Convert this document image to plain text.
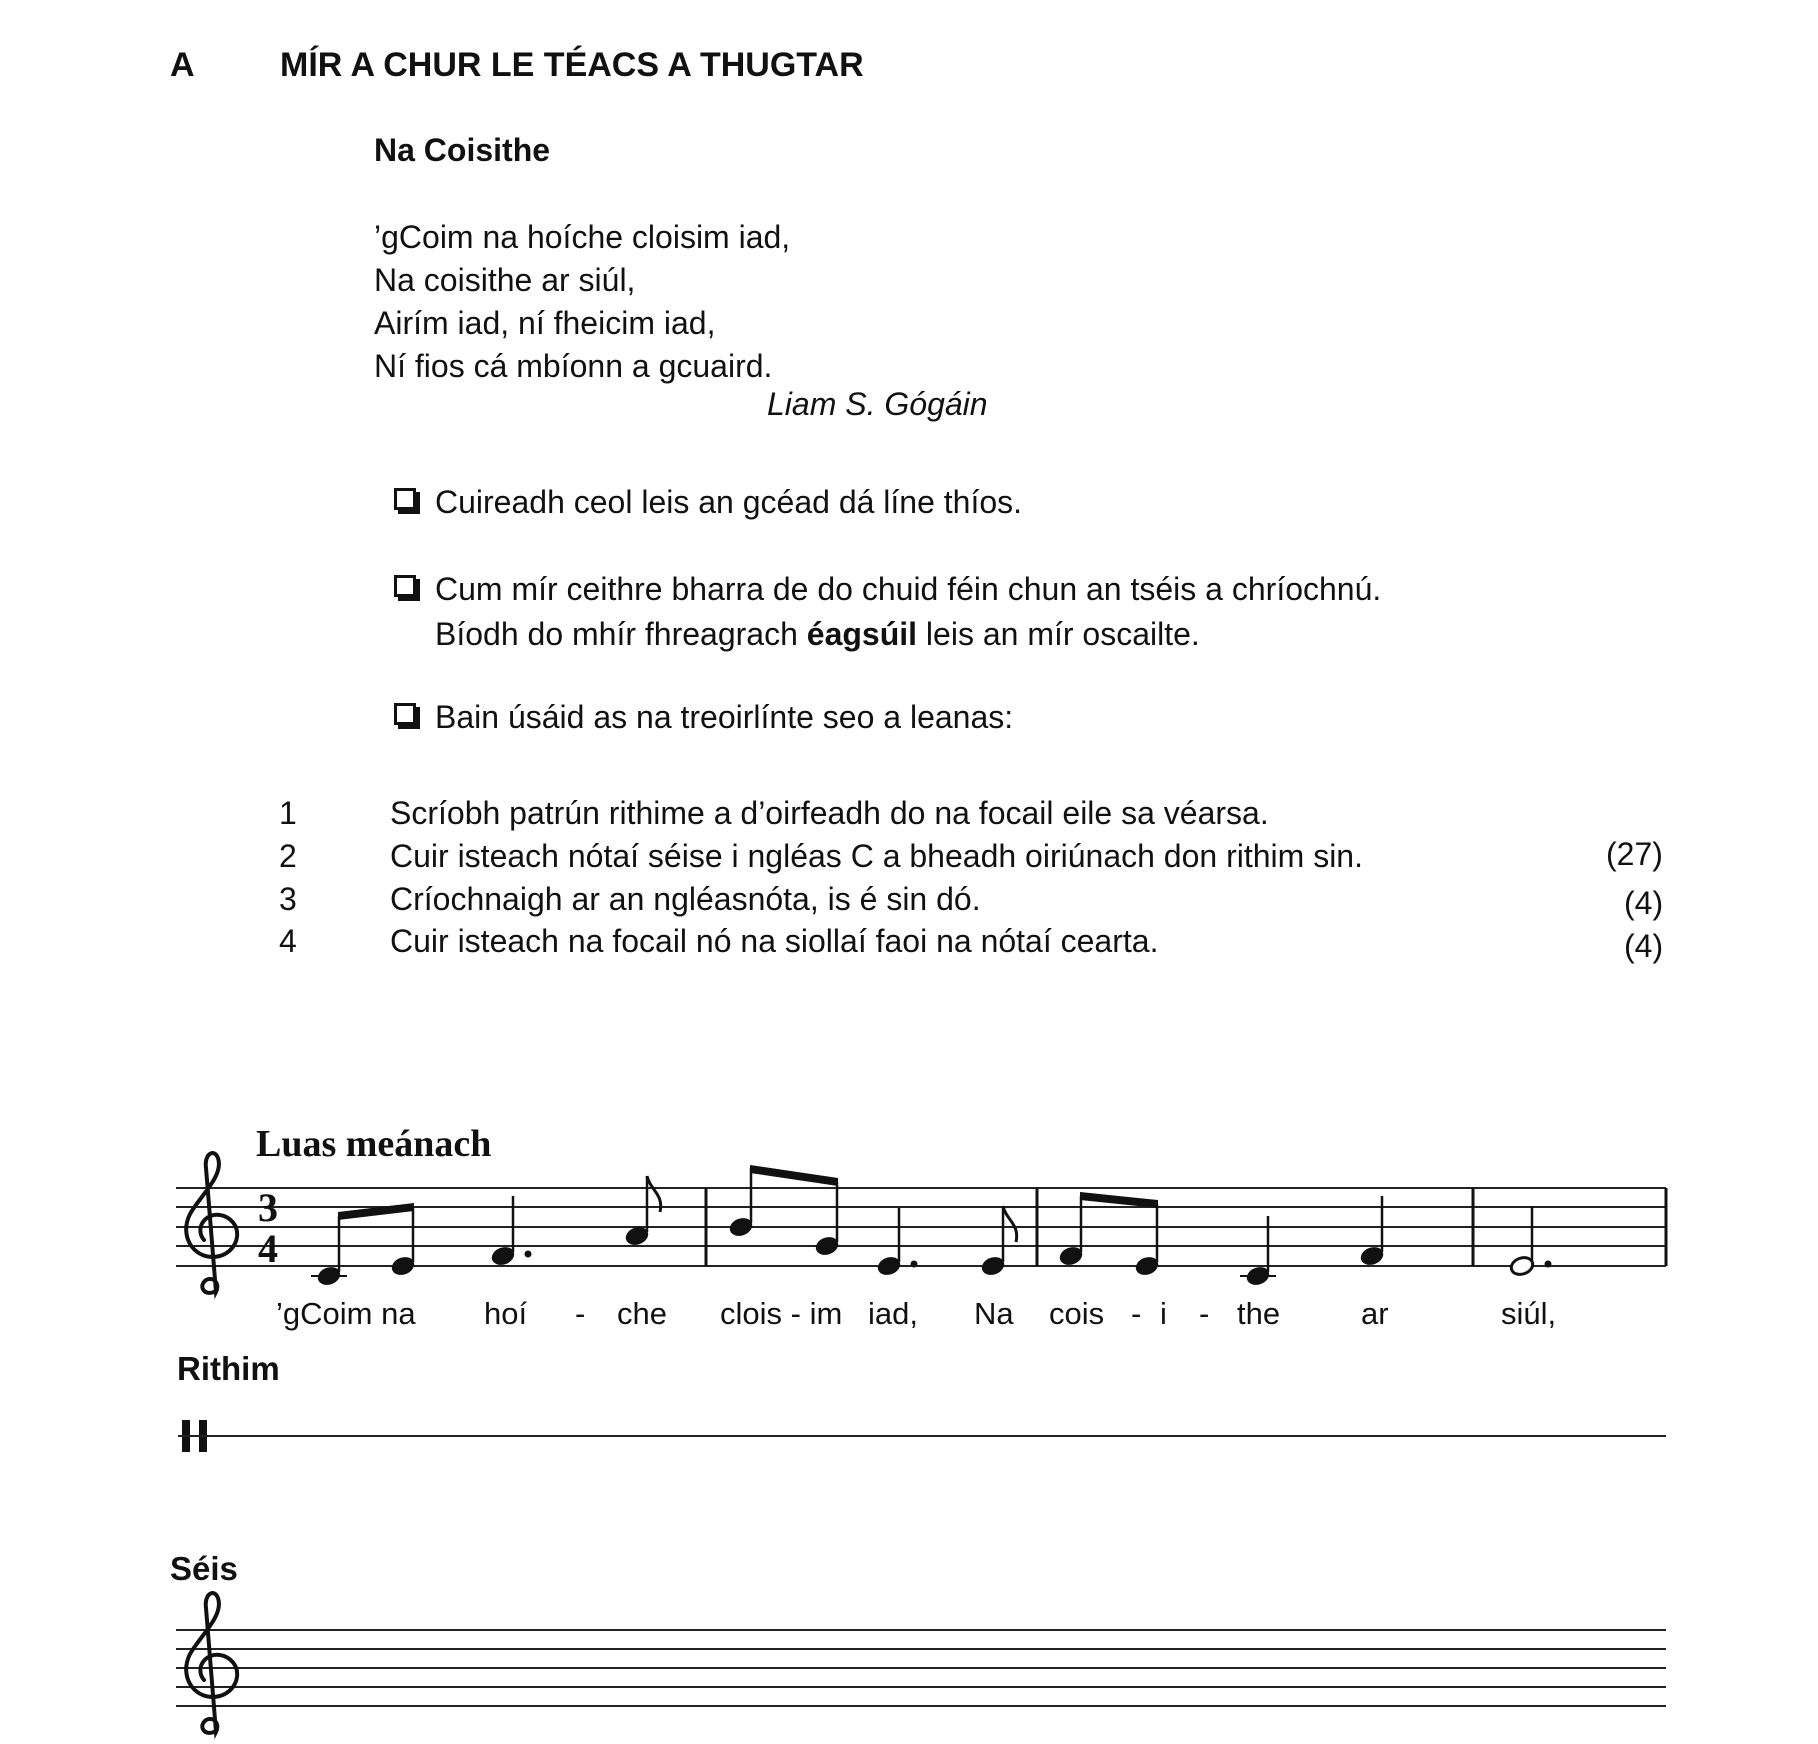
A	MÍR A CHUR LE TÉACS A THUGTAR
Na Coisithe
’gCoim na hoíche cloisim iad,
Na coisithe ar siúl,
Airím iad, ní fheicim iad,
Ní fios cá mbíonn a gcuaird.
Liam S. Gógáin
Cuireadh ceol leis an gcéad dá líne thíos.
Cum mír ceithre bharra de do chuid féin chun an tséis a chríochnú.
Bíodh do mhír fhreagrach éagsúil leis an mír oscailte.
Bain úsáid as na treoirlínte seo a leanas:
1	Scríobh patrún rithime a d’oirfeadh do na focail eile sa véarsa.
2	Cuir isteach nótaí séise i ngléas C a bheadh oiriúnach don rithim sin.	(27)
3	Críochnaigh ar an ngléasnóta, is é sin dó.	(4)
4	Cuir isteach na focail nó na siollaí faoi na nótaí cearta.	(4)
Luas meánach
’gCoim na hoí - che clois - im iad, Na cois - i - the	ar	siúl,
Rithim
Séis
3
4
